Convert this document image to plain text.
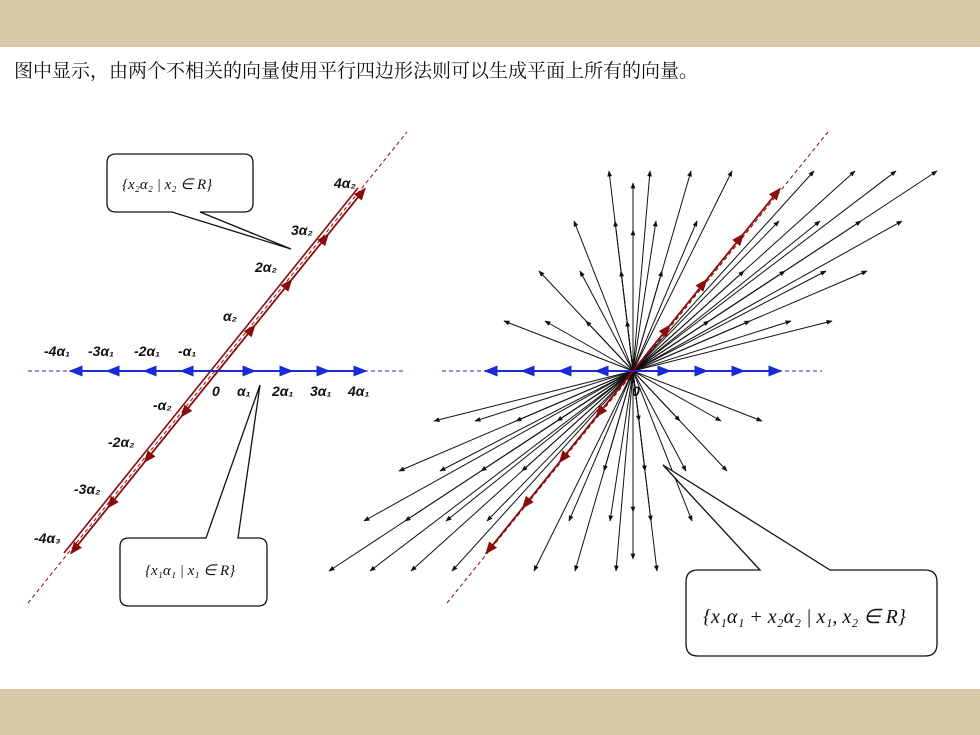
0
4α₂
3α₂
2α₂
α₂
-α₂
-2α₂
-3α₂
-4α₃
-4α₁ -3α₁ -2α₁ -α₁
α₁ 2α₁ 3α₁ 4α₁
{x₂α₂ | x₂ ∈ R}
{x₁α₁ | x₁ ∈ R}
0
{x₁α₁ + x₂α₂ | x₁, x₂ ∈ R}
图中显示，由两个不相关的向量使用平行四边形法则可以生成平面上所有的向量。
